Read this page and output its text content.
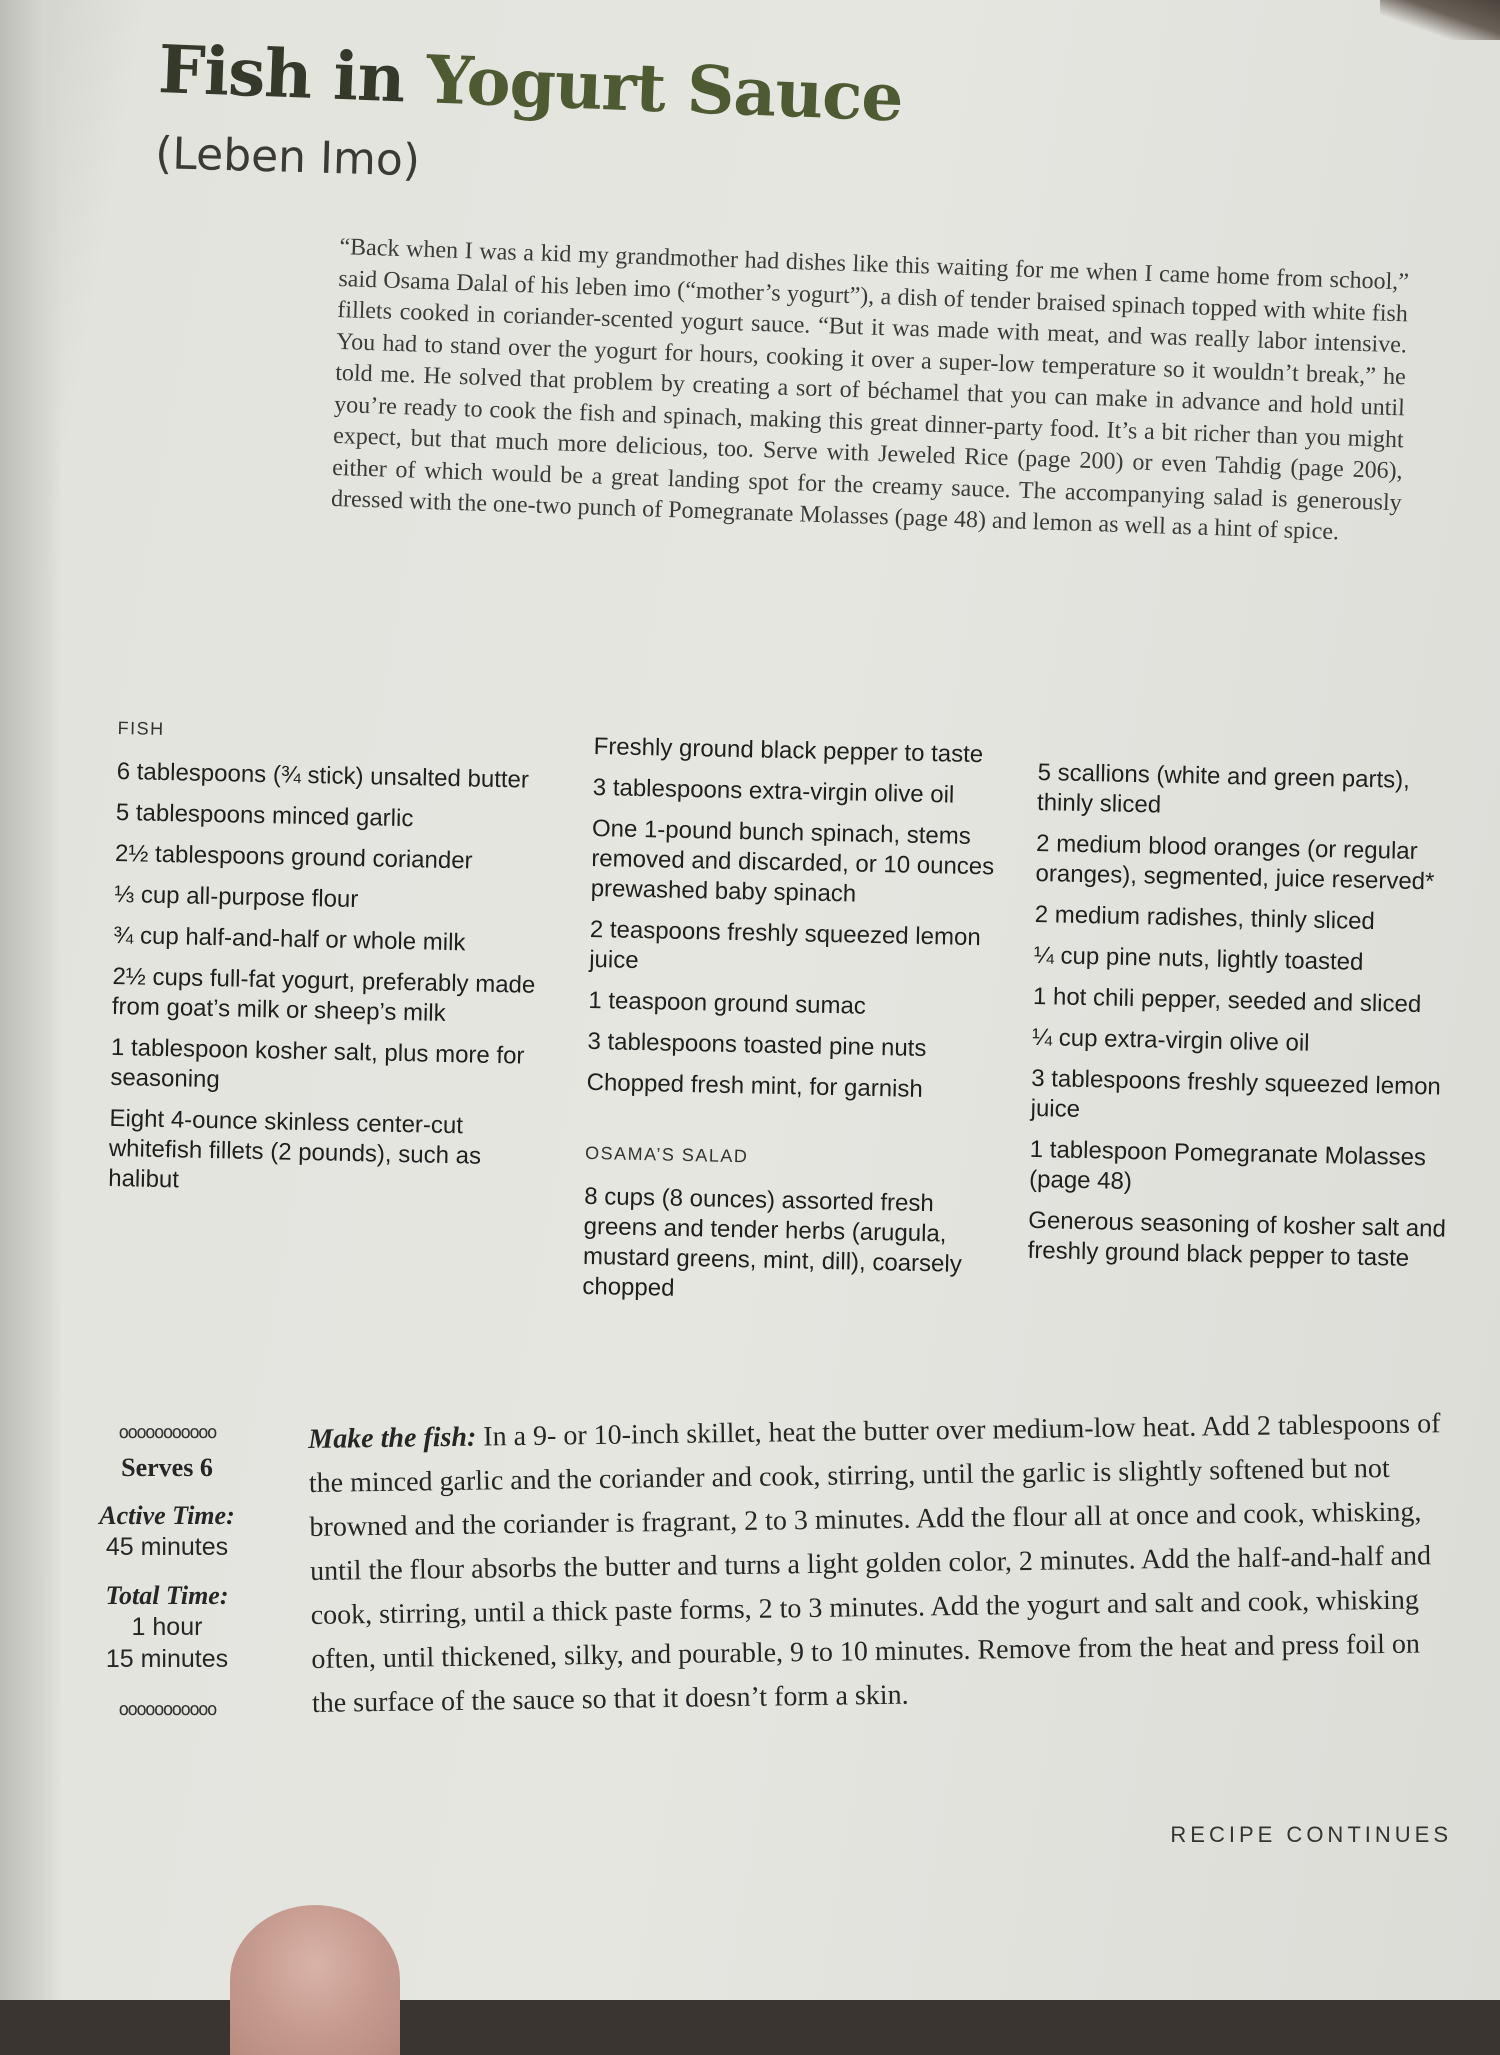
Fish in Yogurt Sauce
(Leben Imo)

“Back when I was a kid my grandmother had dishes like this waiting for me when I came home from school,” said Osama Dalal of his leben imo (“mother’s yogurt”), a dish of tender braised spinach topped with white fish fillets cooked in coriander-scented yogurt sauce. “But it was made with meat, and was really labor intensive. You had to stand over the yogurt for hours, cooking it over a super-low temperature so it wouldn’t break,” he told me. He solved that problem by creating a sort of béchamel that you can make in advance and hold until you’re ready to cook the fish and spinach, making this great dinner-party food. It’s a bit richer than you might expect, but that much more delicious, too. Serve with Jeweled Rice (page 200) or even Tahdig (page 206), either of which would be a great landing spot for the creamy sauce. The accompanying salad is generously dressed with the one-two punch of Pomegranate Molasses (page 48) and lemon as well as a hint of spice.

FISH
6 tablespoons (¾ stick) unsalted butter
5 tablespoons minced garlic
2½ tablespoons ground coriander
⅓ cup all-purpose flour
¾ cup half-and-half or whole milk
2½ cups full-fat yogurt, preferably made from goat’s milk or sheep’s milk
1 tablespoon kosher salt, plus more for seasoning
Eight 4-ounce skinless center-cut whitefish fillets (2 pounds), such as halibut
Freshly ground black pepper to taste
3 tablespoons extra-virgin olive oil
One 1-pound bunch spinach, stems removed and discarded, or 10 ounces prewashed baby spinach
2 teaspoons freshly squeezed lemon juice
1 teaspoon ground sumac
3 tablespoons toasted pine nuts
Chopped fresh mint, for garnish
OSAMA’S SALAD
8 cups (8 ounces) assorted fresh greens and tender herbs (arugula, mustard greens, mint, dill), coarsely chopped
5 scallions (white and green parts), thinly sliced
2 medium blood oranges (or regular oranges), segmented, juice reserved*
2 medium radishes, thinly sliced
¼ cup pine nuts, lightly toasted
1 hot chili pepper, seeded and sliced
¼ cup extra-virgin olive oil
3 tablespoons freshly squeezed lemon juice
1 tablespoon Pomegranate Molasses (page 48)
Generous seasoning of kosher salt and freshly ground black pepper to taste
ooooooooooo
Serves 6
Active Time:
45 minutes
Total Time:
1 hour
15 minutes
ooooooooooo

Make the fish: In a 9- or 10-inch skillet, heat the butter over medium-low heat. Add 2 tablespoons of the minced garlic and the coriander and cook, stirring, until the garlic is slightly softened but not browned and the coriander is fragrant, 2 to 3 minutes. Add the flour all at once and cook, whisking, until the flour absorbs the butter and turns a light golden color, 2 minutes. Add the half-and-half and cook, stirring, until a thick paste forms, 2 to 3 minutes. Add the yogurt and salt and cook, whisking often, until thickened, silky, and pourable, 9 to 10 minutes. Remove from the heat and press foil on the surface of the sauce so that it doesn’t form a skin.

RECIPE CONTINUES
